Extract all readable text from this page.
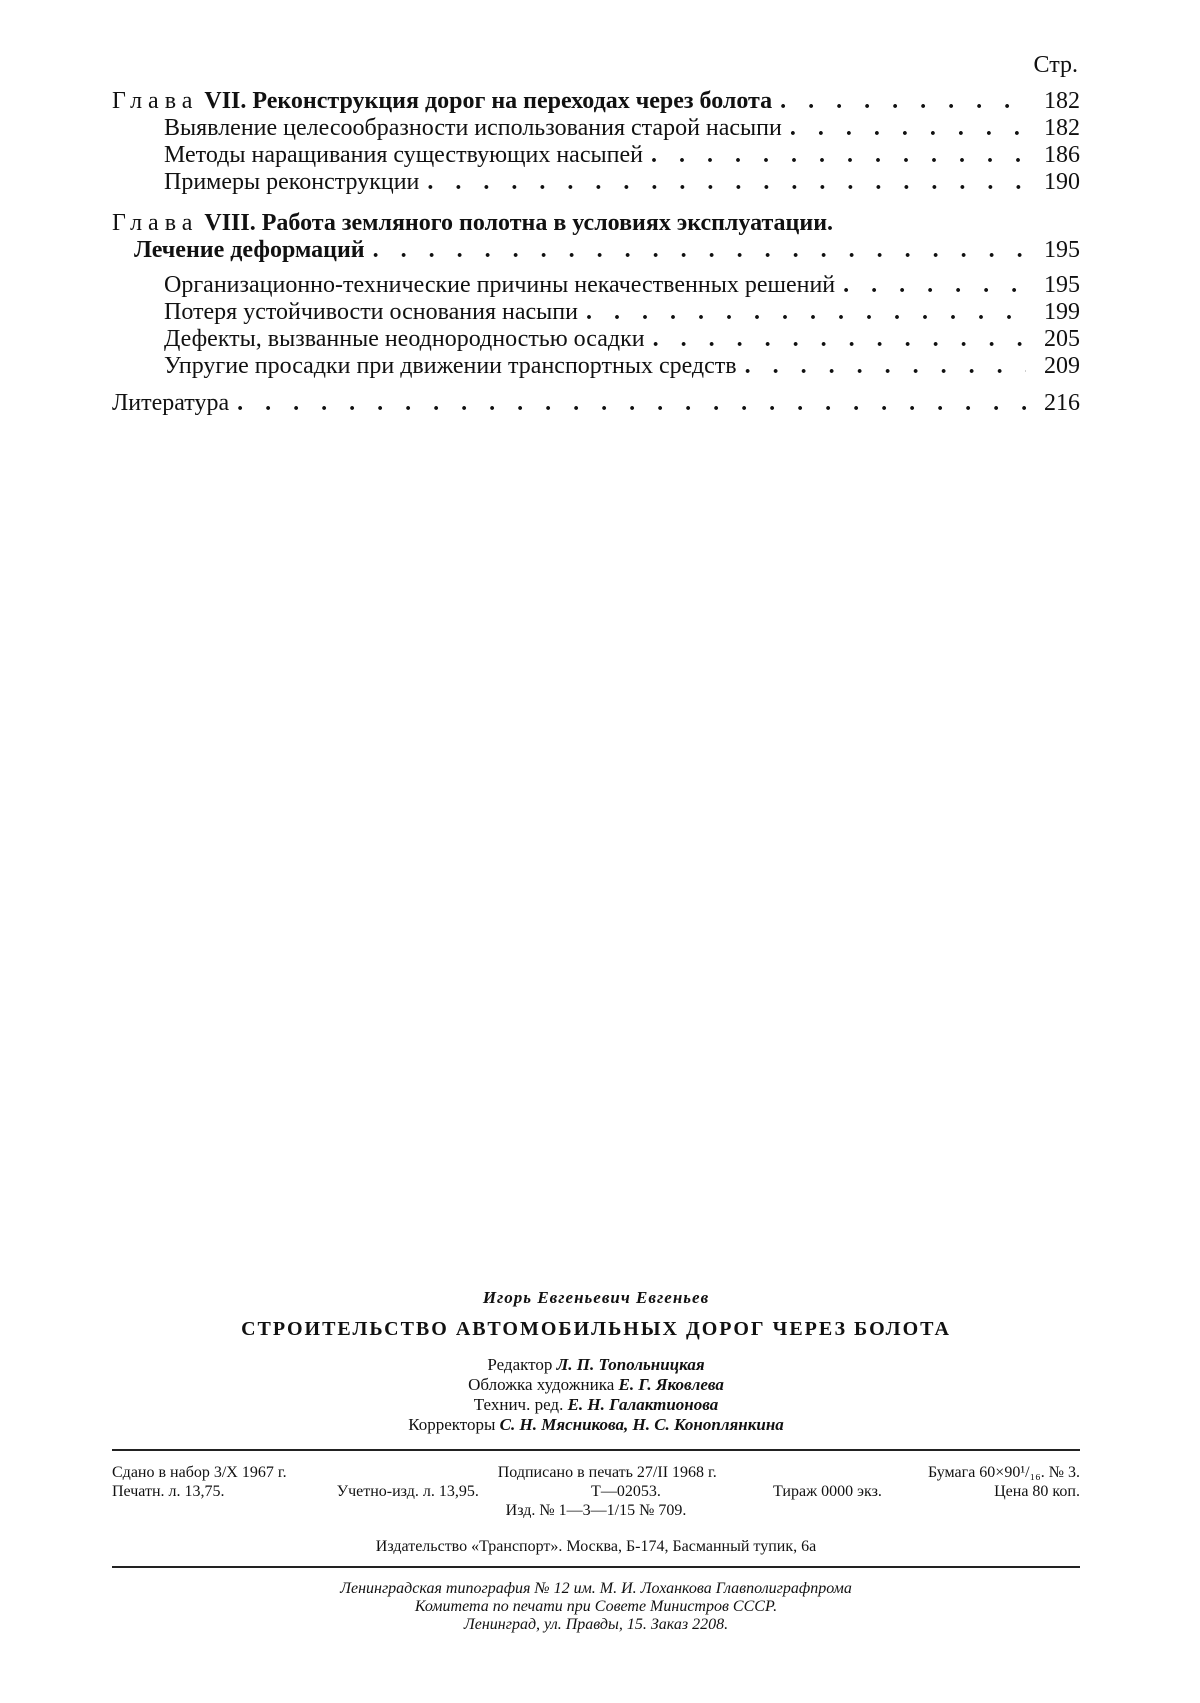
Стр.
Глава VII. Реконструкция дорог на переходах через болота . . .	182
Выявление целесообразности использования старой насыпи . . .	182
Методы наращивания существующих насыпей . . .	186
Примеры реконструкции . . .	190
Глава VIII. Работа земляного полотна в условиях эксплуатации.
Лечение деформаций . . .	195
Организационно-технические причины некачественных решений . . .	195
Потеря устойчивости основания насыпи . . .	199
Дефекты, вызванные неоднородностью осадки . . .	205
Упругие просадки при движении транспортных средств . . .	209
Литература . . .	216
Игорь Евгеньевич Евгеньев
СТРОИТЕЛЬСТВО АВТОМОБИЛЬНЫХ ДОРОГ ЧЕРЕЗ БОЛОТА
Редактор Л. П. Топольницкая
Обложка художника Е. Г. Яковлева
Технич. ред. Е. Н. Галактионова
Корректоры С. Н. Мясникова, Н. С. Коноплянкина
Сдано в набор 3/X 1967 г.	Подписано в печать 27/II 1968 г.	Бумага 60×90¹/₁₆. № 3.
Печатн. л. 13,75.	Учетно-изд. л. 13,95.	Т—02053.	Тираж 0000 экз.	Цена 80 коп.
Изд. № 1—3—1/15 № 709.
Издательство «Транспорт». Москва, Б-174, Басманный тупик, 6а
Ленинградская типография № 12 им. М. И. Лоханкова Главполиграфпрома
Комитета по печати при Совете Министров СССР.
Ленинград, ул. Правды, 15. Заказ 2208.
